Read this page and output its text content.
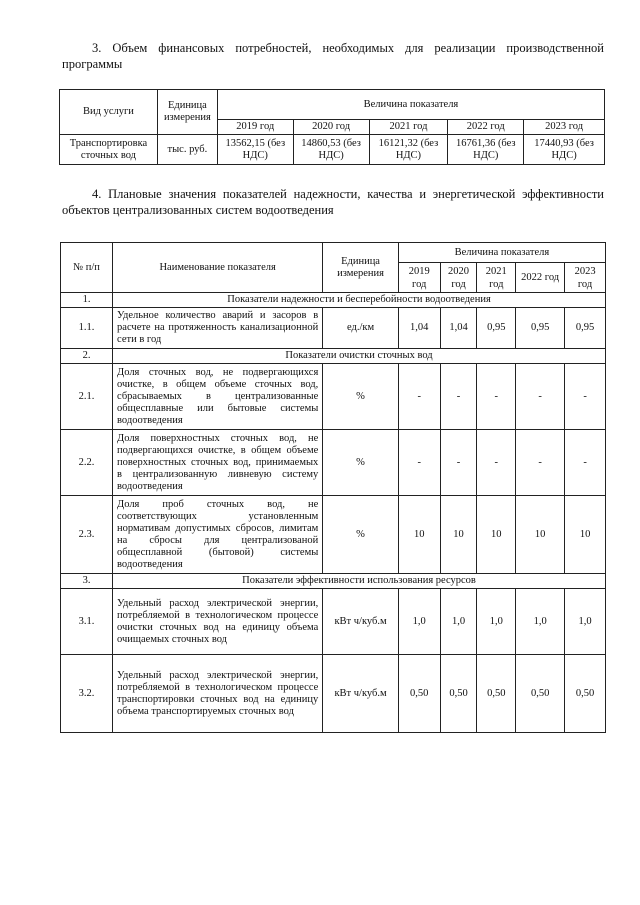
3. Объем финансовых потребностей, необходимых для реализации производственной программы
Вид услуги	Единица измерения	Величина показателя				
		2019 год	2020 год	2021 год	2022 год	2023 год
Транспортировка сточных вод	тыс. руб.	13562,15 (без НДС)	14860,53 (без НДС)	16121,32 (без НДС)	16761,36 (без НДС)	17440,93 (без НДС)
4. Плановые значения показателей надежности, качества и энергетической эффективности объектов централизованных систем водоотведения
№ п/п	Наименование показателя	Единица измерения	Величина показателя				
			2019 год	2020 год	2021 год	2022 год	2023 год
1.	Показатели надежности и бесперебойности водоотведения						
1.1.	Удельное количество аварий и засоров в расчете на протяженность канализационной сети в год	ед./км	1,04	1,04	0,95	0,95	0,95
2.	Показатели очистки сточных вод						
2.1.	Доля сточных вод, не подвергающихся очистке, в общем объеме сточных вод, сбрасываемых в централизованные общесплавные или бытовые системы водоотведения	%	-	-	-	-	-
2.2.	Доля поверхностных сточных вод, не подвергающихся очистке, в общем объеме поверхностных сточных вод, принимаемых в централизованную ливневую систему водоотведения	%	-	-	-	-	-
2.3.	Доля проб сточных вод, не соответствующих установленным нормативам допустимых сбросов, лимитам на сбросы для централизованой общесплавной (бытовой) системы водоотведения	%	10	10	10	10	10
3.	Показатели эффективности использования ресурсов						
3.1.	Удельный расход электрической энергии, потребляемой в технологическом процессе очистки сточных вод на единицу объема очищаемых сточных вод	кВт ч/куб.м	1,0	1,0	1,0	1,0	1,0
3.2.	Удельный расход электрической энергии, потребляемой в технологическом процессе транспортировки сточных вод на единицу объема транспортируемых сточных вод	кВт ч/куб.м	0,50	0,50	0,50	0,50	0,50
